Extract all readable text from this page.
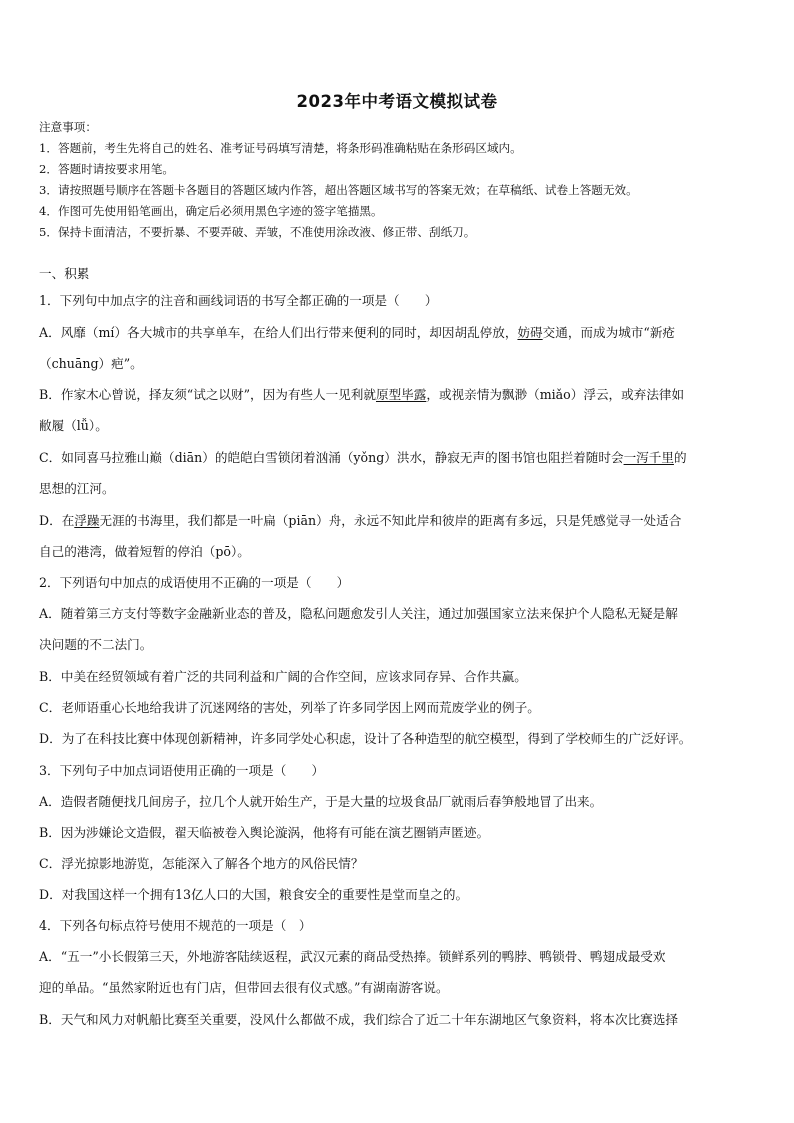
2023年中考语文模拟试卷
注意事项：
1．答题前，考生先将自己的姓名、准考证号码填写清楚，将条形码准确粘贴在条形码区域内。
2．答题时请按要求用笔。
3．请按照题号顺序在答题卡各题目的答题区域内作答，超出答题区域书写的答案无效；在草稿纸、试卷上答题无效。
4．作图可先使用铅笔画出，确定后必须用黑色字迹的签字笔描黑。
5．保持卡面清洁，不要折暴、不要弄破、弄皱，不准使用涂改液、修正带、刮纸刀。
一、积累
1．下列句中加点字的注音和画线词语的书写全都正确的一项是（　　）
A．风靡（mí）各大城市的共享单车，在给人们出行带来便利的同时，却因胡乱停放，妨碍交通，而成为城市“新疮
（chuāng）疤”。
B．作家木心曾说，择友须“试之以财”，因为有些人一见利就原型毕露，或视亲情为飘渺（miǎo）浮云，或弃法律如
敝履（lǚ）。
C．如同喜马拉雅山巅（diān）的皑皑白雪锁闭着汹涌（yǒng）洪水，静寂无声的图书馆也阻拦着随时会一泻千里的
思想的江河。
D．在浮躁无涯的书海里，我们都是一叶扁（piān）舟，永远不知此岸和彼岸的距离有多远，只是凭感觉寻一处适合
自己的港湾，做着短暂的停泊（pō）。
2．下列语句中加点的成语使用不正确的一项是（　　）
A．随着第三方支付等数字金融新业态的普及，隐私问题愈发引人关注，通过加强国家立法来保护个人隐私无疑是解
决问题的不二法门。
B．中美在经贸领域有着广泛的共同利益和广阔的合作空间，应该求同存异、合作共赢。
C．老师语重心长地给我讲了沉迷网络的害处，列举了许多同学因上网而荒废学业的例子。
D．为了在科技比赛中体现创新精神，许多同学处心积虑，设计了各种造型的航空模型，得到了学校师生的广泛好评。
3．下列句子中加点词语使用正确的一项是（　　）
A．造假者随便找几间房子，拉几个人就开始生产，于是大量的垃圾食品厂就雨后春笋般地冒了出来。
B．因为涉嫌论文造假，翟天临被卷入舆论漩涡，他将有可能在演艺圈销声匿迹。
C．浮光掠影地游览，怎能深入了解各个地方的风俗民情？
D．对我国这样一个拥有13亿人口的大国，粮食安全的重要性是堂而皇之的。
4．下列各句标点符号使用不规范的一项是（　）
A．“五一”小长假第三天，外地游客陆续返程，武汉元素的商品受热捧。锁鲜系列的鸭脖、鸭锁骨、鸭翅成最受欢
迎的单品。“虽然家附近也有门店，但带回去很有仪式感。”有湖南游客说。
B．天气和风力对帆船比赛至关重要，没风什么都做不成，我们综合了近二十年东湖地区气象资料，将本次比赛选择
